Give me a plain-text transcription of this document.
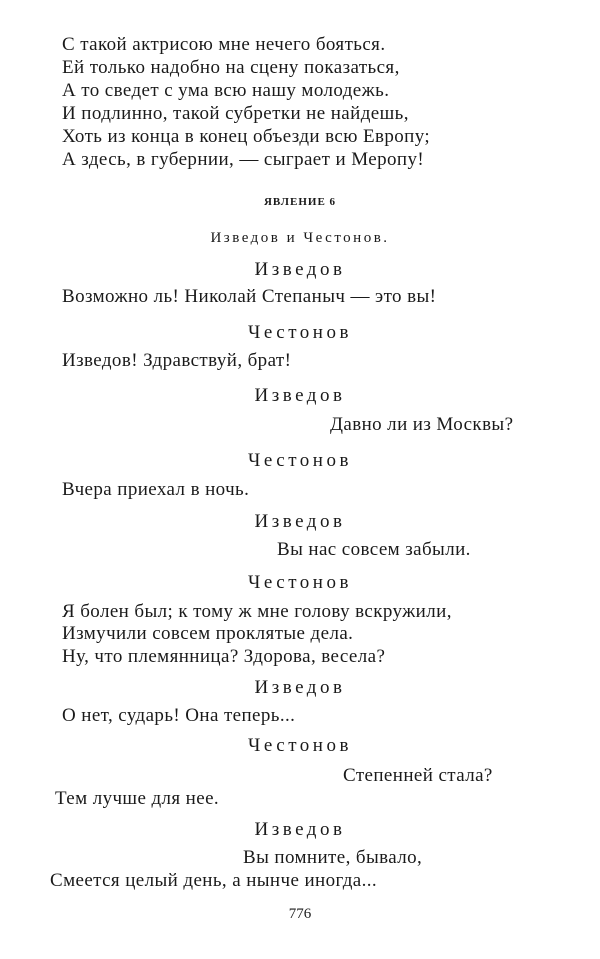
С такой актрисою мне нечего бояться.
Ей только надобно на сцену показаться,
А то сведет с ума всю нашу молодежь.
И подлинно, такой субретки не найдешь,
Хоть из конца в конец объезди всю Европу;
А здесь, в губернии, — сыграет и Меропу!
ЯВЛЕНИЕ 6
Изведов и Честонов.
Изведов
Возможно ль! Николай Степаныч — это вы!
Честонов
Изведов! Здравствуй, брат!
Изведов
Давно ли из Москвы?
Честонов
Вчера приехал в ночь.
Изведов
Вы нас совсем забыли.
Честонов
Я болен был; к тому ж мне голову вскружили,
Измучили совсем проклятые дела.
Ну, что племянница? Здорова, весела?
Изведов
О нет, сударь! Она теперь...
Честонов
Степенней стала?
Тем лучше для нее.
Изведов
Вы помните, бывало,
Смеется целый день, а нынче иногда...
776
